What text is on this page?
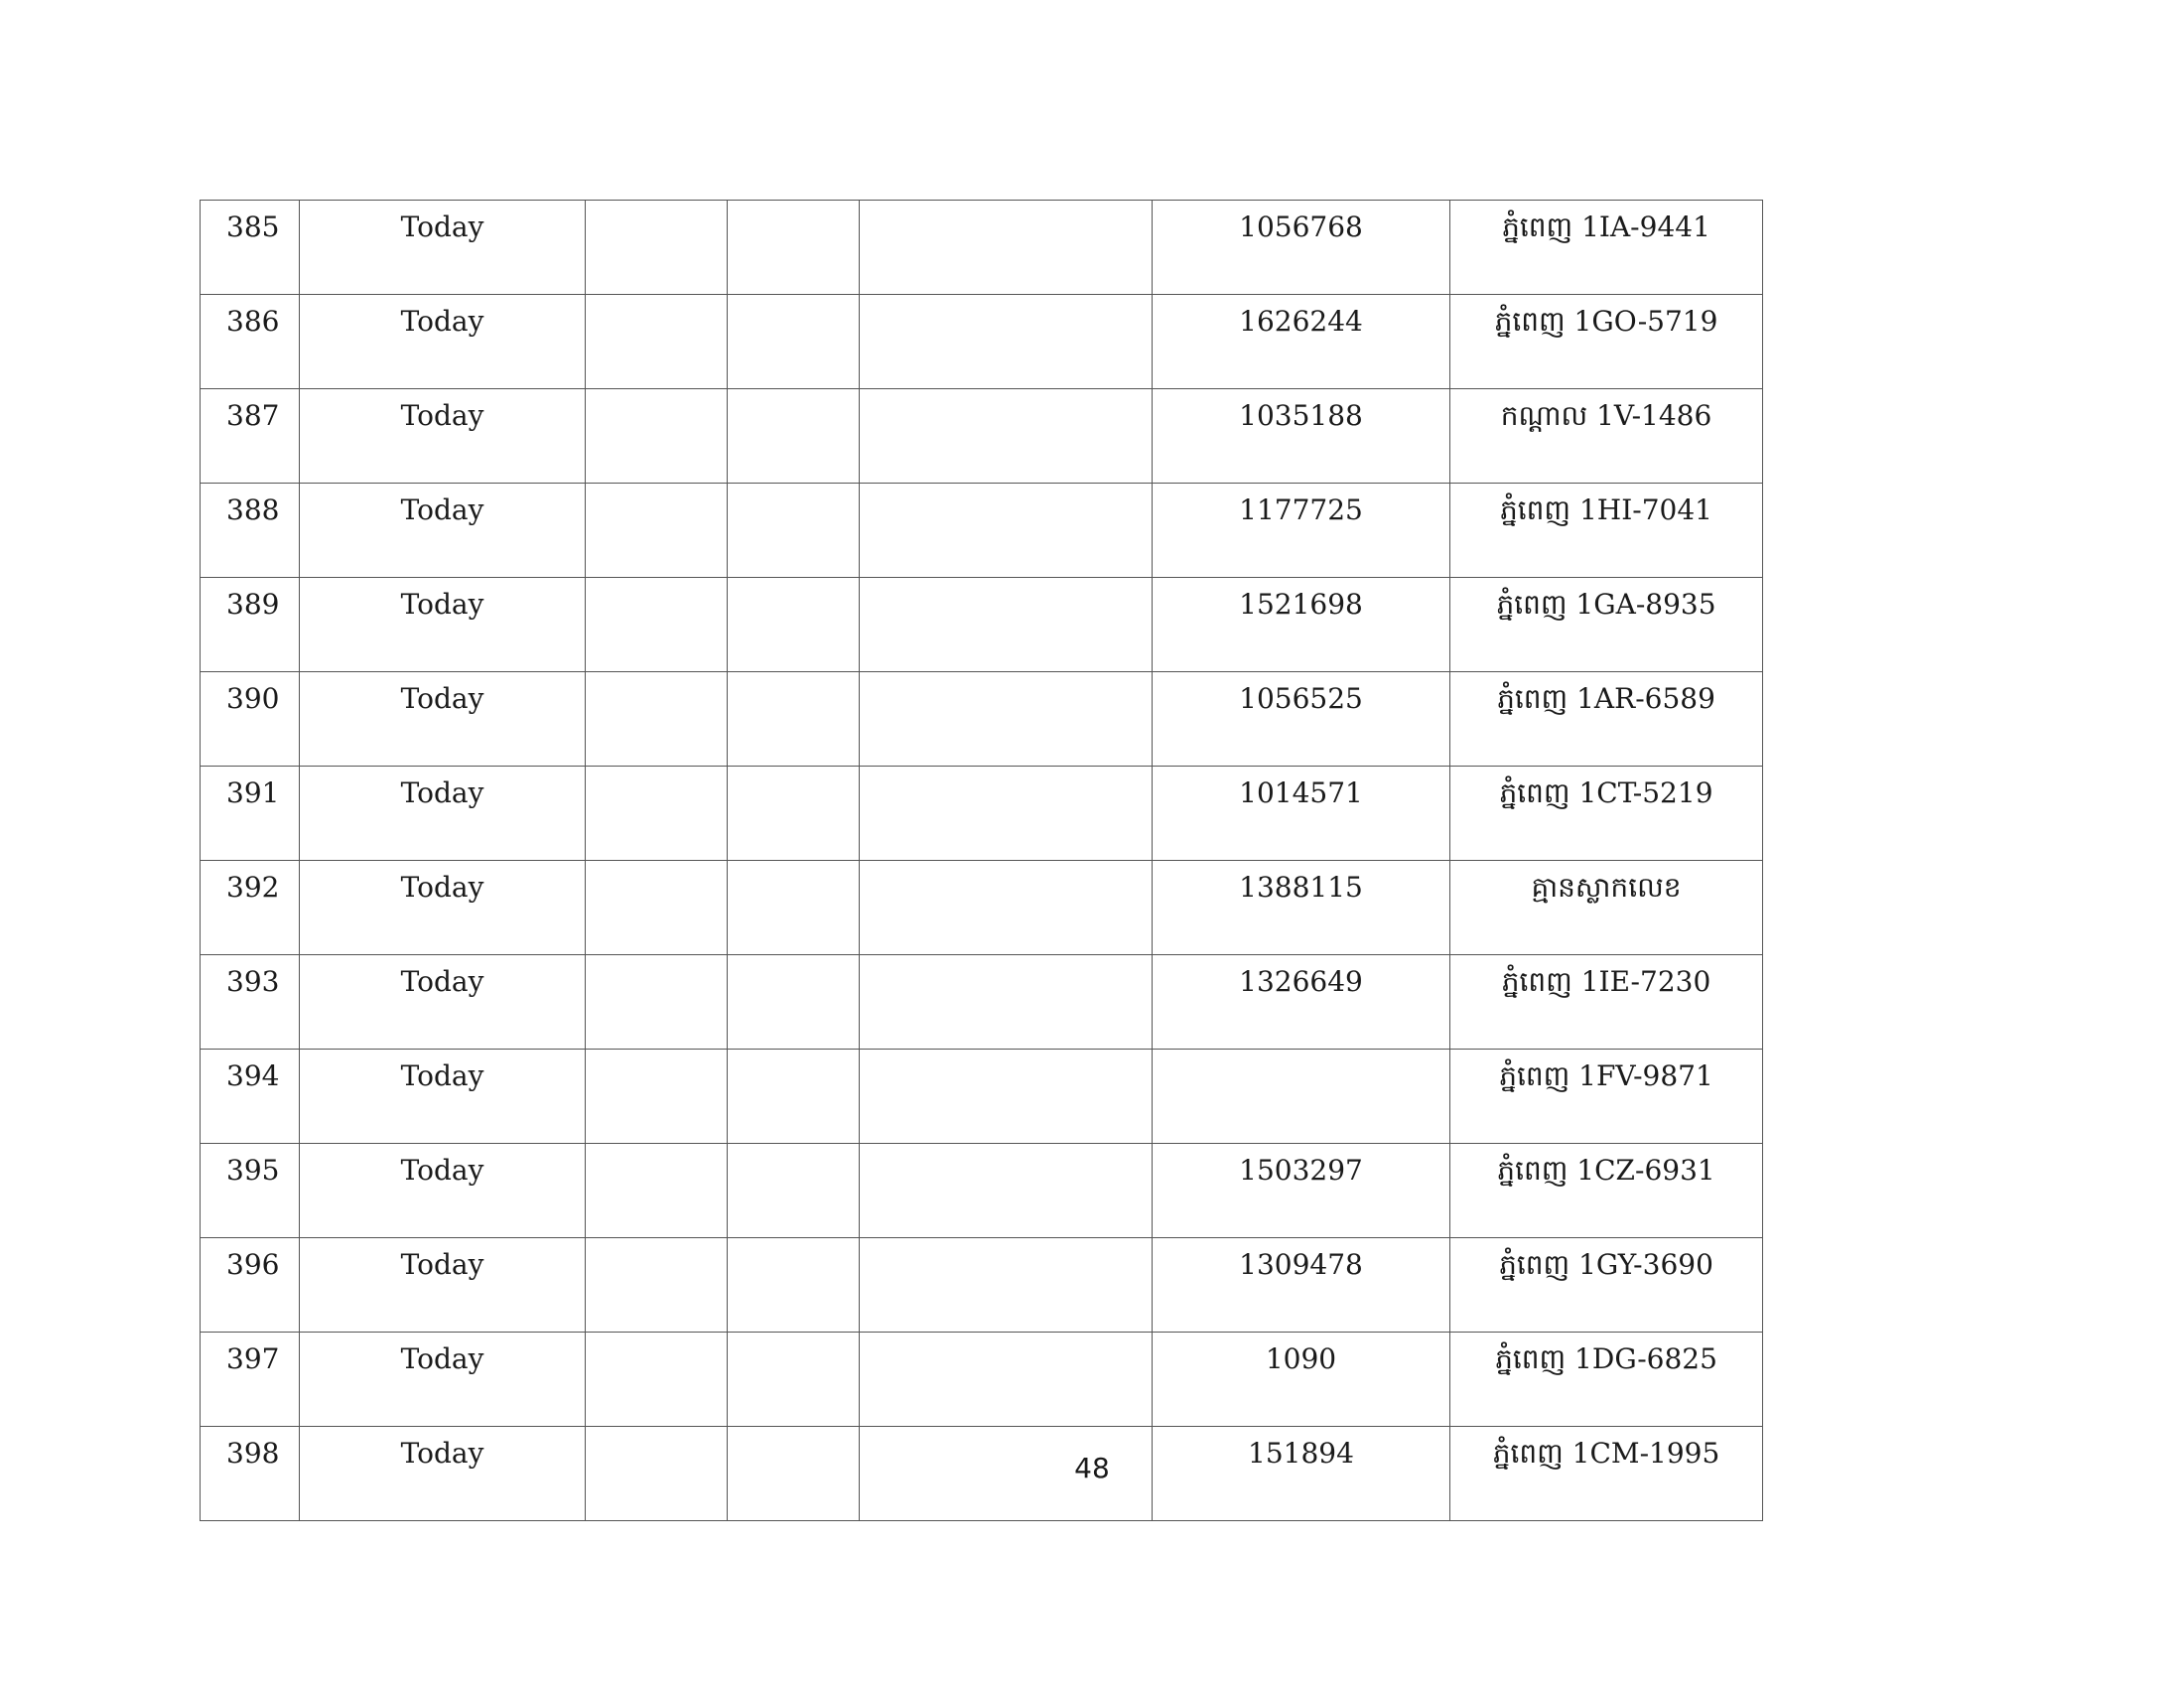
385	Today				1056768	ភ្នំពេញ 1IA-9441
386	Today				1626244	ភ្នំពេញ 1GO-5719
387	Today				1035188	កណ្តាល 1V-1486
388	Today				1177725	ភ្នំពេញ 1HI-7041
389	Today				1521698	ភ្នំពេញ 1GA-8935
390	Today				1056525	ភ្នំពេញ 1AR-6589
391	Today				1014571	ភ្នំពេញ 1CT-5219
392	Today				1388115	គ្មានស្លាកលេខ
393	Today				1326649	ភ្នំពេញ 1IE-7230
394	Today					ភ្នំពេញ 1FV-9871
395	Today				1503297	ភ្នំពេញ 1CZ-6931
396	Today				1309478	ភ្នំពេញ 1GY-3690
397	Today				1090	ភ្នំពេញ 1DG-6825
398	Today				151894	ភ្នំពេញ 1CM-1995
48
